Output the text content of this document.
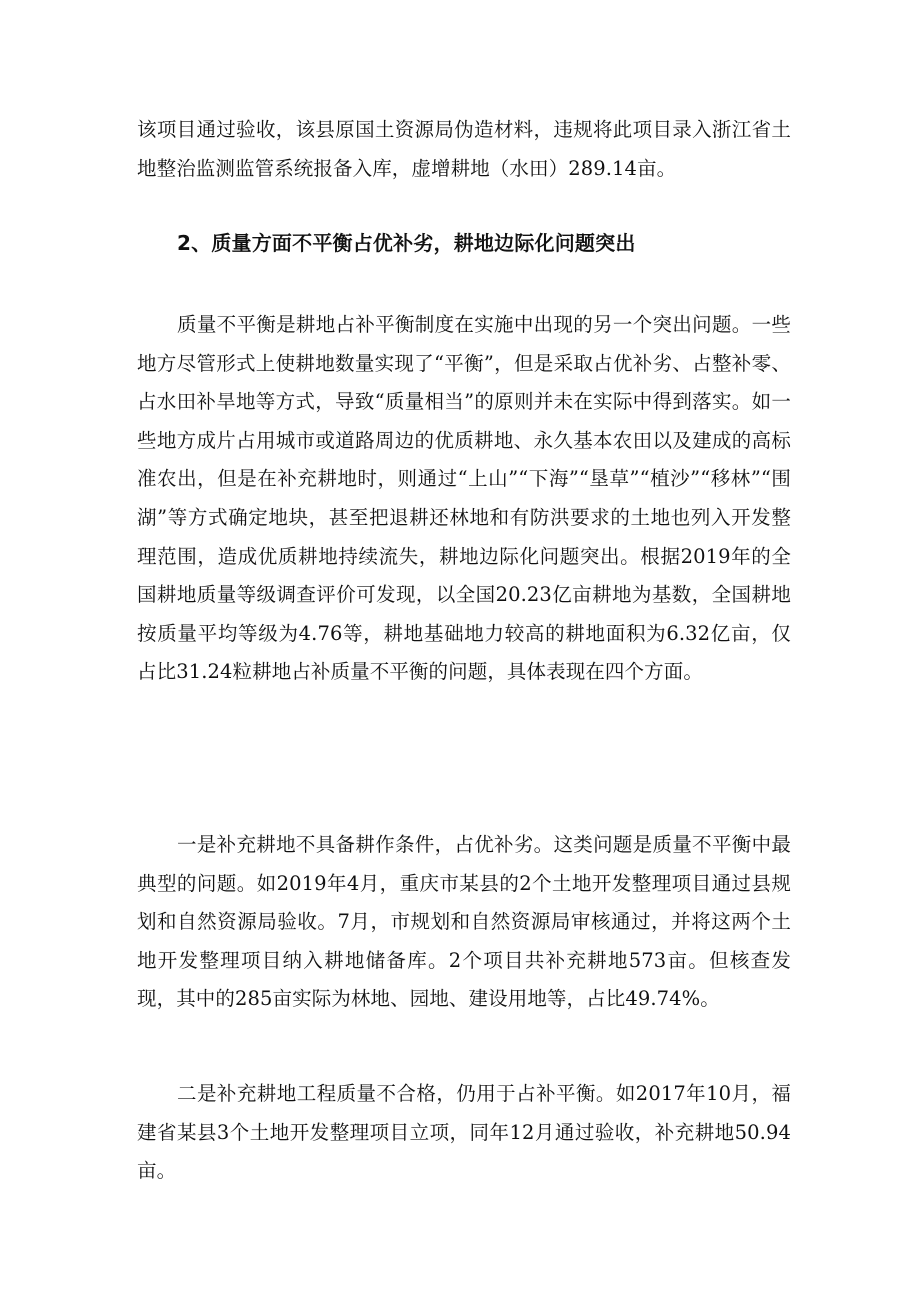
该项目通过验收，该县原国土资源局伪造材料，违规将此项目录入浙江省土地整治监测监管系统报备入库，虚增耕地（水田）289.14亩。

2、质量方面不平衡占优补劣，耕地边际化问题突出

质量不平衡是耕地占补平衡制度在实施中出现的另一个突出问题。一些地方尽管形式上使耕地数量实现了“平衡”，但是采取占优补劣、占整补零、占水田补旱地等方式，导致“质量相当”的原则并未在实际中得到落实。如一些地方成片占用城市或道路周边的优质耕地、永久基本农田以及建成的高标准农出，但是在补充耕地时，则通过“上山”“下海”“垦草”“植沙”“移林”“围湖”等方式确定地块，甚至把退耕还林地和有防洪要求的土地也列入开发整理范围，造成优质耕地持续流失，耕地边际化问题突出。根据2019年的全国耕地质量等级调查评价可发现，以全国20.23亿亩耕地为基数，全国耕地按质量平均等级为4.76等，耕地基础地力较高的耕地面积为6.32亿亩，仅占比31.24粒耕地占补质量不平衡的问题，具体表现在四个方面。

一是补充耕地不具备耕作条件，占优补劣。这类问题是质量不平衡中最典型的问题。如2019年4月，重庆市某县的2个土地开发整理项目通过县规划和自然资源局验收。7月，市规划和自然资源局审核通过，并将这两个土地开发整理项目纳入耕地储备库。2个项目共补充耕地573亩。但核查发现，其中的285亩实际为林地、园地、建设用地等，占比49.74%。

二是补充耕地工程质量不合格，仍用于占补平衡。如2017年10月，福建省某县3个土地开发整理项目立项，同年12月通过验收，补充耕地50.94亩。
